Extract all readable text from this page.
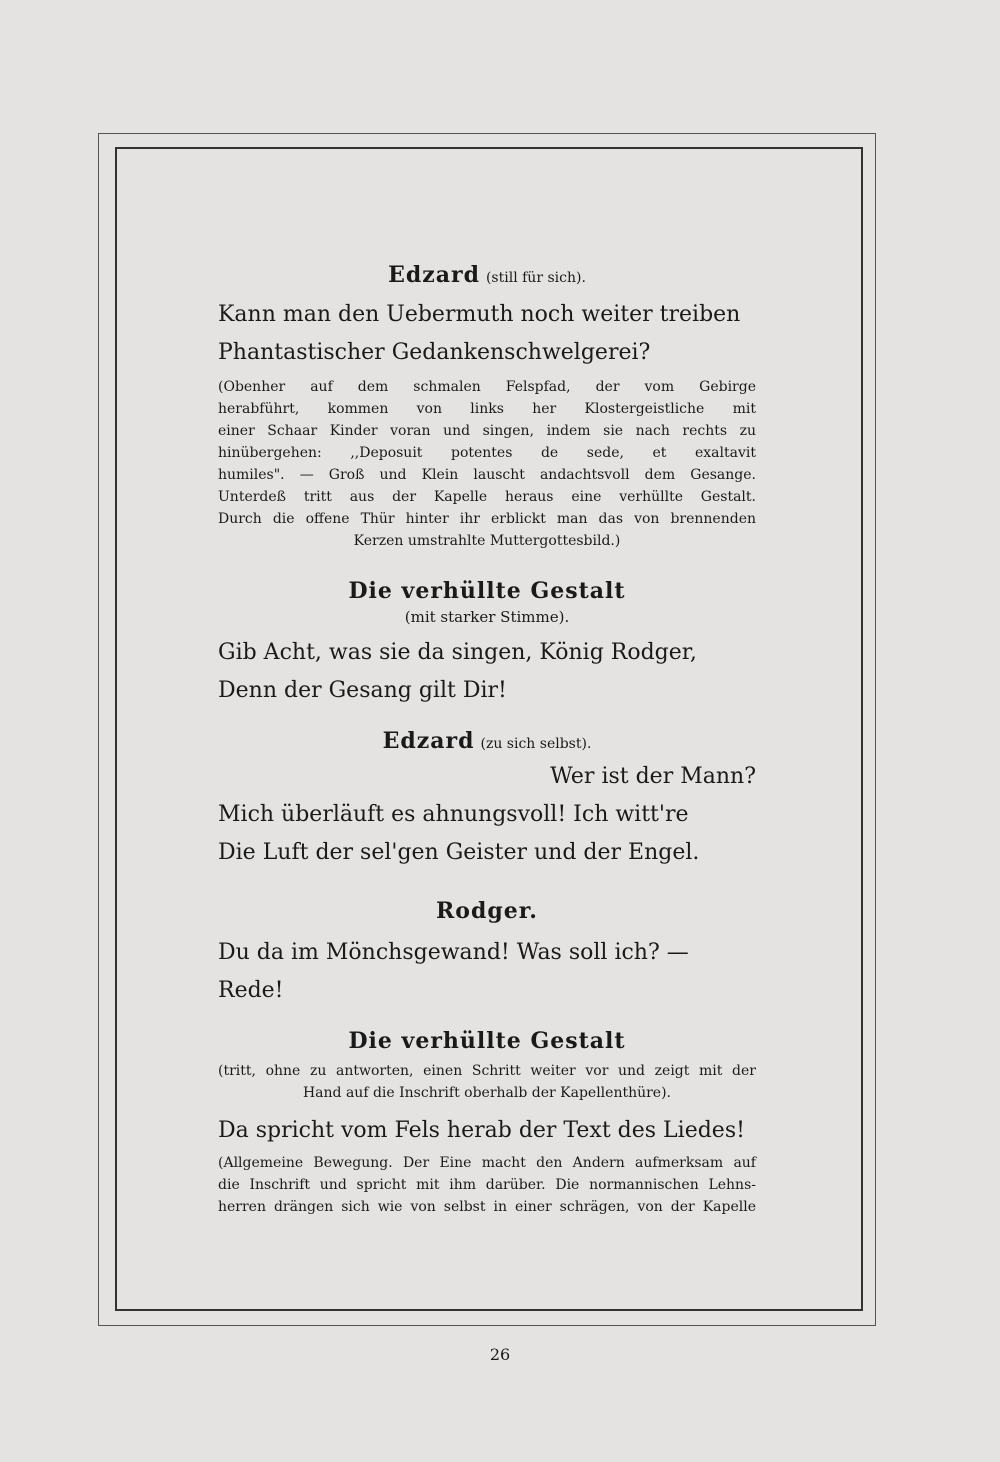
Edzard (still für sich).
Kann man den Uebermuth noch weiter treiben
Phantastischer Gedankenschwelgerei?
(Obenher auf dem schmalen Felspfad, der vom Gebirge
herabführt, kommen von links her Klostergeistliche mit
einer Schaar Kinder voran und singen, indem sie nach rechts zu
hinübergehen: ,,Deposuit potentes de sede, et exaltavit
humiles". — Groß und Klein lauscht andachtsvoll dem Gesange.
Unterdeß tritt aus der Kapelle heraus eine verhüllte Gestalt.
Durch die offene Thür hinter ihr erblickt man das von brennenden
Kerzen umstrahlte Muttergottesbild.)
Die verhüllte Gestalt
(mit starker Stimme).
Gib Acht, was sie da singen, König Rodger,
Denn der Gesang gilt Dir!
Edzard (zu sich selbst).
Wer ist der Mann?
Mich überläuft es ahnungsvoll! Ich witt're
Die Luft der sel'gen Geister und der Engel.
Rodger.
Du da im Mönchsgewand! Was soll ich? — Rede!
Die verhüllte Gestalt
(tritt, ohne zu antworten, einen Schritt weiter vor und zeigt mit der
Hand auf die Inschrift oberhalb der Kapellenthüre).
Da spricht vom Fels herab der Text des Liedes!
(Allgemeine Bewegung. Der Eine macht den Andern aufmerksam auf
die Inschrift und spricht mit ihm darüber. Die normannischen Lehns-
herren drängen sich wie von selbst in einer schrägen, von der Kapelle
26
